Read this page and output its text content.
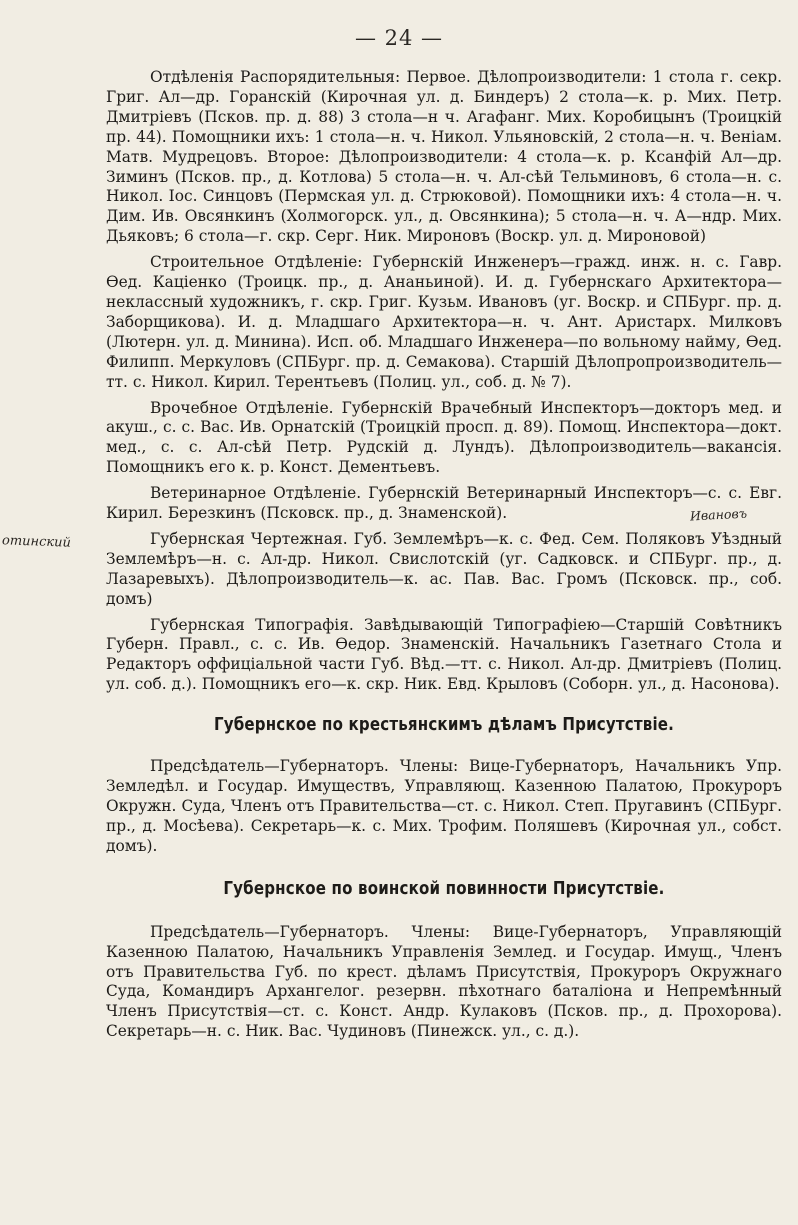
— 24 —

Отдѣленія Распорядительныя: Первое. Дѣлопроизводители: 1 стола г. секр. Григ. Ал—др. Горанскій (Кирочная ул. д. Биндеръ) 2 стола—к. р. Мих. Петр. Дмитріевъ (Псков. пр. д. 88) 3 стола—н ч. Агафанг. Мих. Коробицынъ (Троицкій пр. 44). Помощники ихъ: 1 стола—н. ч. Никол. Ульяновскій, 2 стола—н. ч. Веніам. Матв. Мудрецовъ. Второе: Дѣлопроизводители: 4 стола—к. р. Ксанфій Ал—др. Зиминъ (Псков. пр., д. Котлова) 5 стола—н. ч. Ал-сѣй Тельминовъ, 6 стола—н. с. Никол. Іос. Синцовъ (Пермская ул. д. Стрюковой). Помощники ихъ: 4 стола—н. ч. Дим. Ив. Овсянкинъ (Холмогорск. ул., д. Овсянкина); 5 стола—н. ч. А—ндр. Мих. Дьяковъ; 6 стола—г. скр. Серг. Ник. Мироновъ (Воскр. ул. д. Мироновой)

Строительное Отдѣленіе: Губернскій Инженеръ—гражд. инж. н. с. Гавр. Ѳед. Каціенко (Троицк. пр., д. Ананьиной). И. д. Губернскаго Архитектора—неклассный художникъ, г. скр. Григ. Кузьм. Ивановъ (уг. Воскр. и СПБург. пр. д. Заборщикова). И. д. Младшаго Архитектора—н. ч. Ант. Аристарх. Милковъ (Лютерн. ул. д. Минина). Исп. об. Младшаго Инженера—по вольному найму, Ѳед. Филипп. Меркуловъ (СПБург. пр. д. Семакова). Старшій Дѣлопропроизводитель—тт. с. Никол. Кирил. Терентьевъ (Полиц. ул., соб. д. № 7).

Врочебное Отдѣленіе. Губернскій Врачебный Инспекторъ—докторъ мед. и акуш., с. с. Вас. Ив. Орнатскій (Троицкій просп. д. 89). Помощ. Инспектора—докт. мед., с. с. Ал-сѣй Петр. Рудскій д. Лундъ). Дѣлопроизводитель—ваканcія. Помощникъ его к. р. Конст. Дементьевъ.

Ветеринарное Отдѣленіе. Губернскій Ветеринарный Инспекторъ—с. с. Евг. Кирил. Березкинъ (Псковск. пр., д. Знаменской).

Губернская Чертежная. Губ. Землемѣръ—к. с. Фед. Сем. Поляковъ Уѣздный Землемѣръ—н. с. Ал-др. Никол. Свислотскій (уг. Садковск. и СПБург. пр., д. Лазаревыхъ). Дѣлопроизводитель—к. ас. Пав. Вас. Громъ (Псковск. пр., соб. домъ)

Губернская Типографія. Завѣдывающій Типографіею—Старшій Совѣтникъ Губерн. Правл., с. с. Ив. Ѳедор. Знаменскій. Начальникъ Газетнаго Стола и Редакторъ оффиціальной части Губ. Вѣд.—тт. с. Никол. Ал-др. Дмитріевъ (Полиц. ул. соб. д.). Помощникъ его—к. скр. Ник. Евд. Крыловъ (Соборн. ул., д. Насонова).

Губернское по крестьянскимъ дѣламъ Присутствіе.

Предсѣдатель—Губернаторъ. Члены: Вице-Губернаторъ, Начальникъ Упр. Земледѣл. и Госудaр. Имуществъ, Управляющ. Казенною Палатою, Прокуроръ Окружн. Суда, Членъ отъ Правительства—ст. с. Никол. Степ. Пругавинъ (СПБург. пр., д. Мосѣева). Секретарь—к. с. Мих. Трофим. Поляшевъ (Кирочная ул., собст. домъ).

Губернское по воинской повинности Присутствіе.

Предсѣдатель—Губернаторъ. Члены: Вице-Губернаторъ, Управляющій Казенною Палатою, Начальникъ Управленія Землед. и Государ. Имущ., Членъ отъ Правительства Губ. по крест. дѣламъ Присутствія, Прокуроръ Окружнаго Суда, Командиръ Архангелог. резервн. пѣхотнаго баталіона и Непремѣнный Членъ Присутствія—ст. с. Конст. Андр. Кулаковъ (Псков. пр., д. Прохорова). Секретарь—н. с. Ник. Вас. Чудиновъ (Пинежск. ул., с. д.).

Ивановъ
отинский
